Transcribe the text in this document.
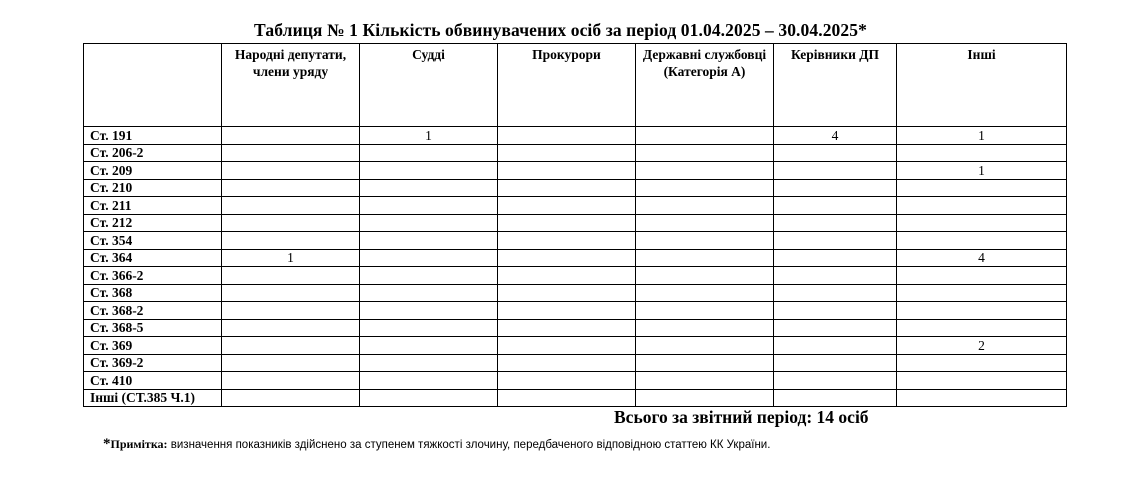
Таблиця № 1 Кількість обвинувачених осіб за період 01.04.2025 – 30.04.2025*
	Народні депутати, члени уряду	Судді	Прокурори	Державні службовці (Категорія А)	Керівники ДП	Інші
Ст. 191		1			4	1
Ст. 206-2						
Ст. 209						1
Ст. 210						
Ст. 211						
Ст. 212						
Ст. 354						
Ст. 364	1					4
Ст. 366-2						
Ст. 368						
Ст. 368-2						
Ст. 368-5						
Ст. 369						2
Ст. 369-2						
Ст. 410						
Інші (СТ.385 Ч.1)						
Всього за звітний період: 14 осіб
*Примітка: визначення показників здійснено за ступенем тяжкості злочину, передбаченого відповідною статтею КК України.
